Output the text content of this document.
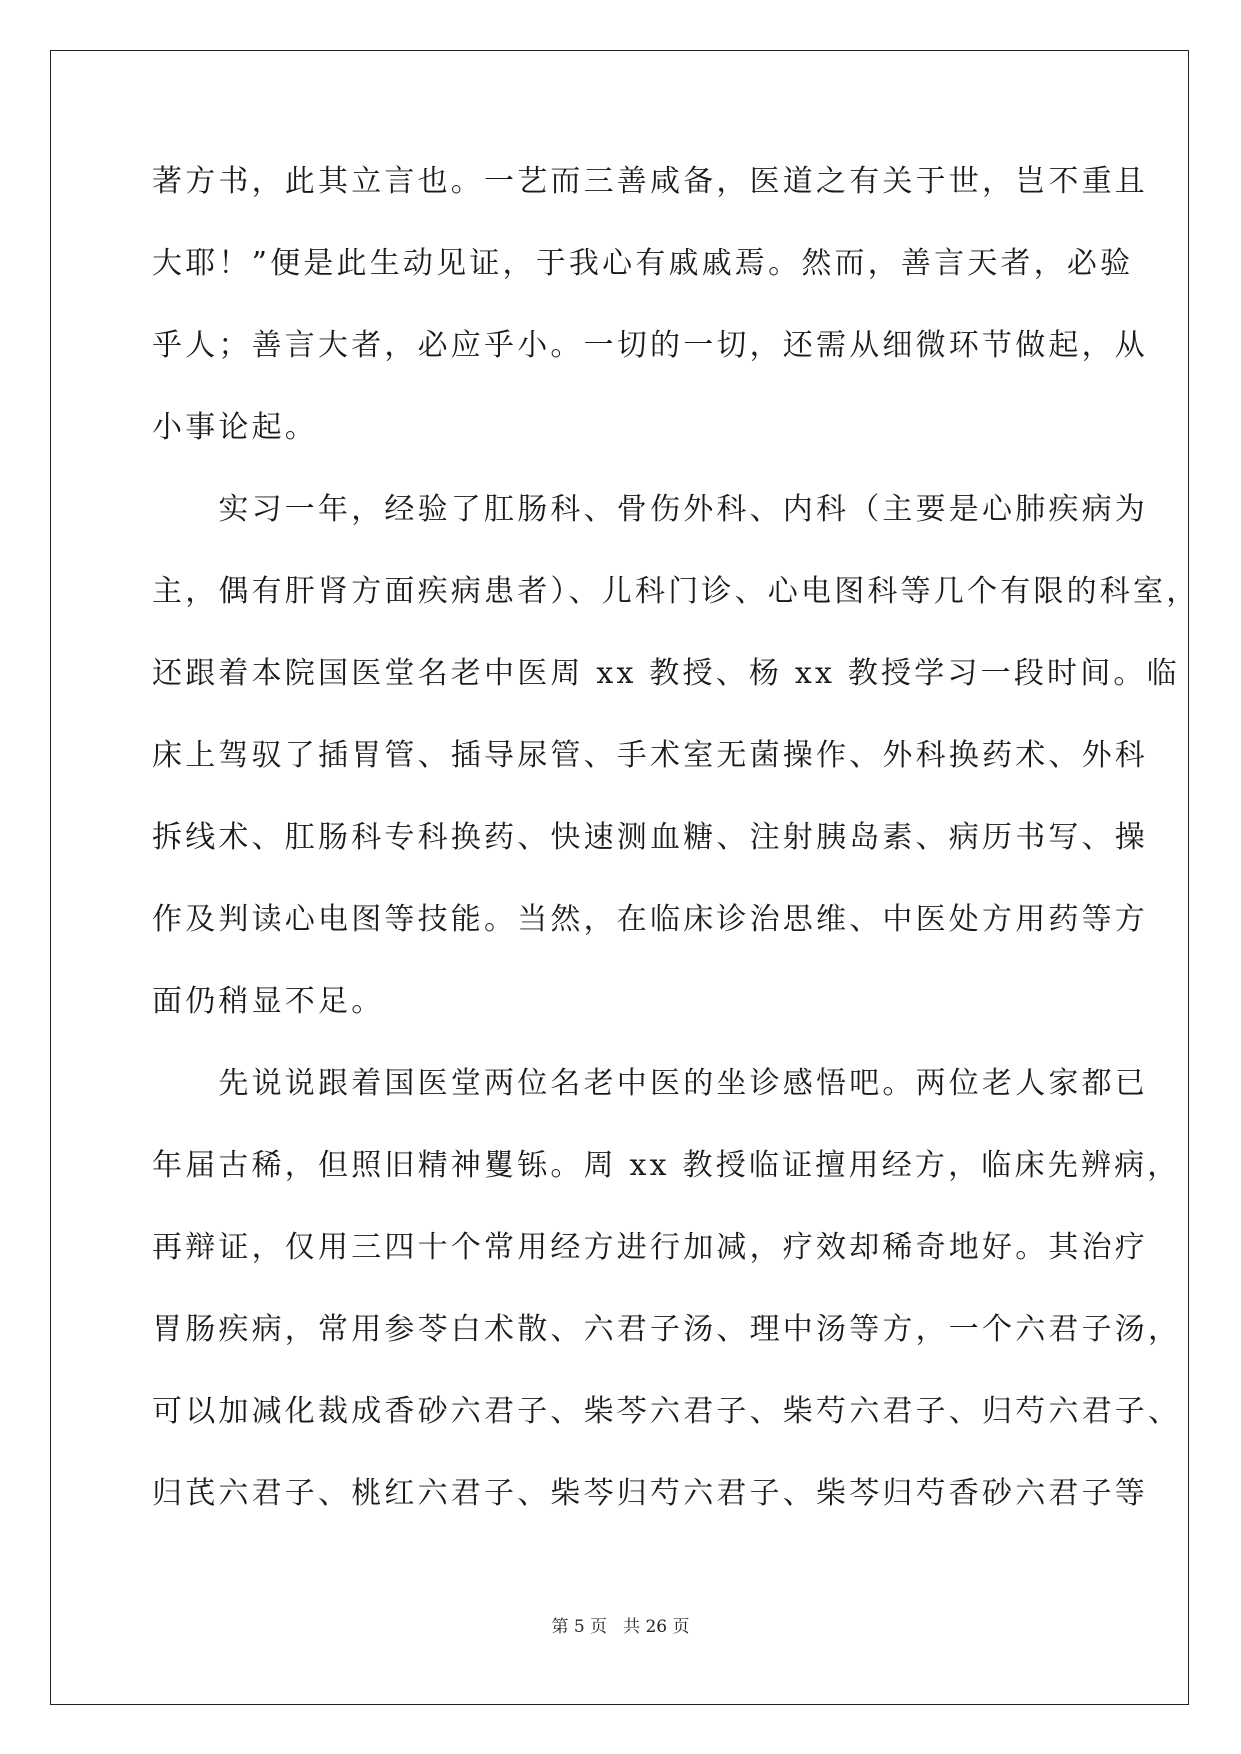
著方书，此其立言也。一艺而三善咸备，医道之有关于世，岂不重且
大耶！”便是此生动见证，于我心有戚戚焉。然而，善言天者，必验
乎人；善言大者，必应乎小。一切的一切，还需从细微环节做起，从
小事论起。
　　实习一年，经验了肛肠科、骨伤外科、内科（主要是心肺疾病为
主，偶有肝肾方面疾病患者）、儿科门诊、心电图科等几个有限的科室，
还跟着本院国医堂名老中医周 xx 教授、杨 xx 教授学习一段时间。临
床上驾驭了插胃管、插导尿管、手术室无菌操作、外科换药术、外科
拆线术、肛肠科专科换药、快速测血糖、注射胰岛素、病历书写、操
作及判读心电图等技能。当然，在临床诊治思维、中医处方用药等方
面仍稍显不足。
　　先说说跟着国医堂两位名老中医的坐诊感悟吧。两位老人家都已
年届古稀，但照旧精神矍铄。周 xx 教授临证擅用经方，临床先辨病，
再辩证，仅用三四十个常用经方进行加减，疗效却稀奇地好。其治疗
胃肠疾病，常用参苓白术散、六君子汤、理中汤等方，一个六君子汤，
可以加减化裁成香砂六君子、柴芩六君子、柴芍六君子、归芍六君子、
归芪六君子、桃红六君子、柴芩归芍六君子、柴芩归芍香砂六君子等
第 5 页 共 26 页
